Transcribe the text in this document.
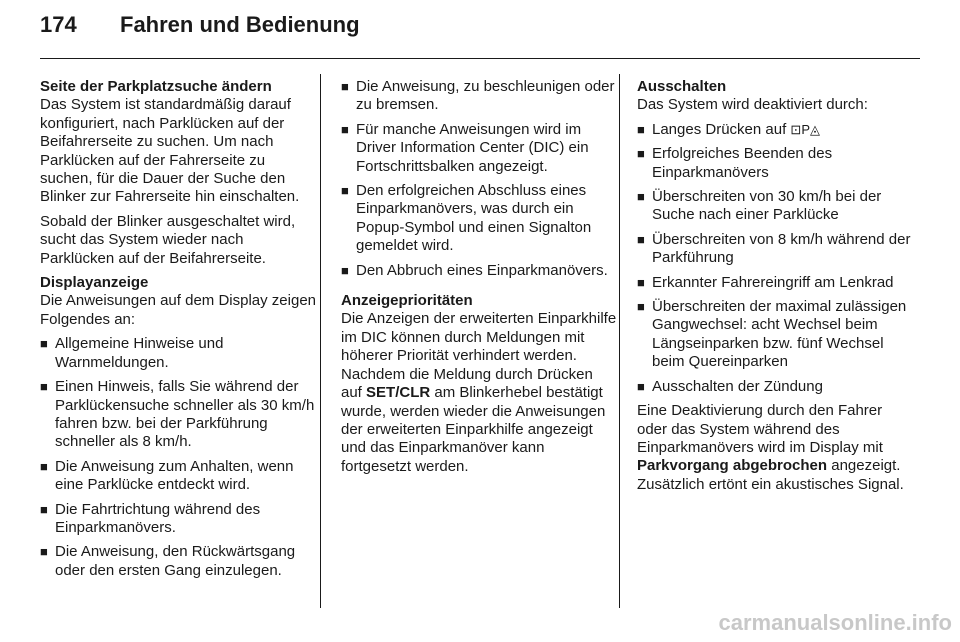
174	Fahren und Bedienung
Seite der Parkplatzsuche ändern

Das System ist standardmäßig darauf konfiguriert, nach Parklücken auf der Beifahrerseite zu suchen. Um nach Parklücken auf der Fahrerseite zu suchen, für die Dauer der Suche den Blinker zur Fahrerseite hin einschalten.

Sobald der Blinker ausgeschaltet wird, sucht das System wieder nach Parklücken auf der Beifahrerseite.

Displayanzeige

Die Anweisungen auf dem Display zeigen Folgendes an:

■ Allgemeine Hinweise und Warnmeldungen.
■ Einen Hinweis, falls Sie während der Parklückensuche schneller als 30 km/h fahren bzw. bei der Parkführung schneller als 8 km/h.
■ Die Anweisung zum Anhalten, wenn eine Parklücke entdeckt wird.
■ Die Fahrtrichtung während des Einparkmanövers.
■ Die Anweisung, den Rückwärtsgang oder den ersten Gang einzulegen.
■ Die Anweisung, zu beschleunigen oder zu bremsen.
■ Für manche Anweisungen wird im Driver Information Center (DIC) ein Fortschrittsbalken angezeigt.
■ Den erfolgreichen Abschluss eines Einparkmanövers, was durch ein Popup-Symbol und einen Signalton gemeldet wird.
■ Den Abbruch eines Einparkmanövers.
Anzeigeprioritäten

Die Anzeigen der erweiterten Einparkhilfe im DIC können durch Meldungen mit höherer Priorität verhindert werden. Nachdem die Meldung durch Drücken auf SET/CLR am Blinkerhebel bestätigt wurde, werden wieder die Anweisungen der erweiterten Einparkhilfe angezeigt und das Einparkmanöver kann fortgesetzt werden.

Ausschalten

Das System wird deaktiviert durch:

■ Langes Drücken auf ⊡P◬
■ Erfolgreiches Beenden des Einparkmanövers
■ Überschreiten von 30 km/h bei der Suche nach einer Parklücke
■ Überschreiten von 8 km/h während der Parkführung
■ Erkannter Fahrereingriff am Lenkrad
■ Überschreiten der maximal zulässigen Gangwechsel: acht Wechsel beim Längseinparken bzw. fünf Wechsel beim Quereinparken
■ Ausschalten der Zündung

Eine Deaktivierung durch den Fahrer oder das System während des Einparkmanövers wird im Display mit Parkvorgang abgebrochen angezeigt. Zusätzlich ertönt ein akustisches Signal.

carmanualsonline.info
